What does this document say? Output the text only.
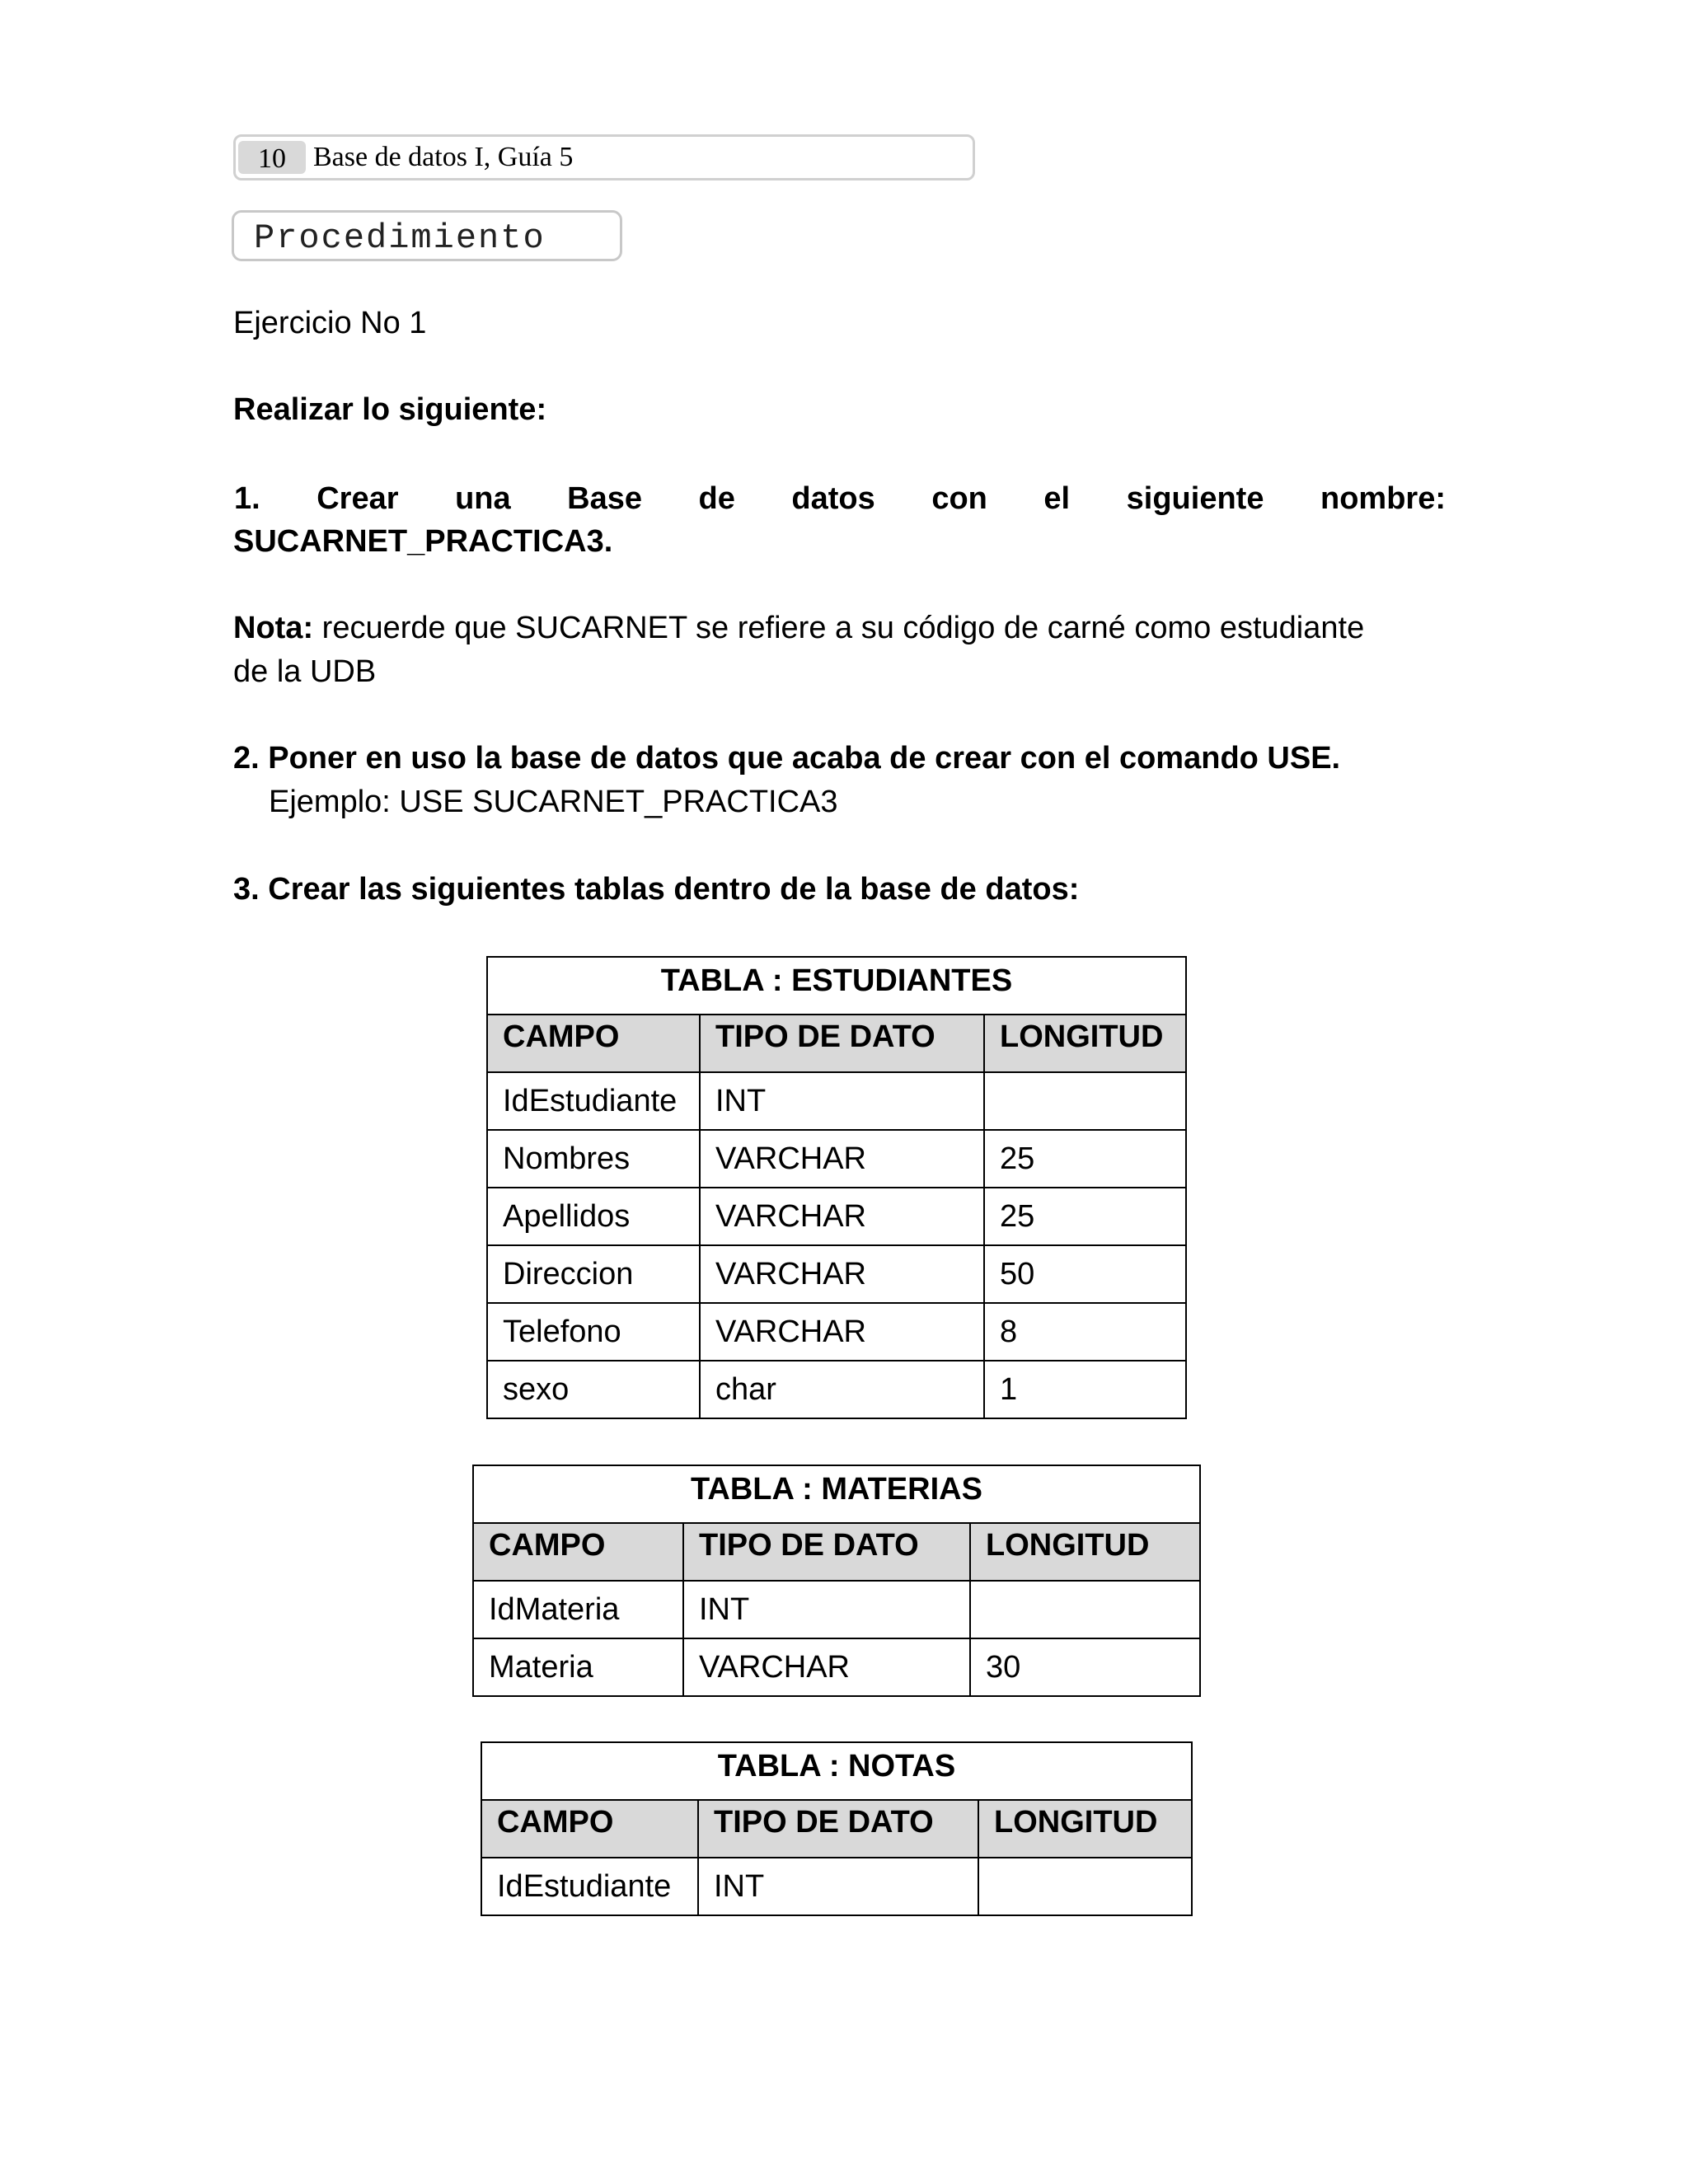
10 Base de datos I, Guía 5
Procedimiento
Ejercicio No 1
Realizar lo siguiente:
1. Crear una Base de datos con el siguiente nombre:
SUCARNET_PRACTICA3.
Nota: recuerde que SUCARNET se refiere a su código de carné como estudiante
de la UDB
2. Poner en uso la base de datos que acaba de crear con el comando USE.
Ejemplo: USE SUCARNET_PRACTICA3
3. Crear las siguientes tablas dentro de la base de datos:
TABLA : ESTUDIANTES		
CAMPO	TIPO DE DATO	LONGITUD
IdEstudiante	INT	
Nombres	VARCHAR	25
Apellidos	VARCHAR	25
Direccion	VARCHAR	50
Telefono	VARCHAR	8
sexo	char	1
TABLA : MATERIAS		
CAMPO	TIPO DE DATO	LONGITUD
IdMateria	INT	
Materia	VARCHAR	30
TABLA : NOTAS		
CAMPO	TIPO DE DATO	LONGITUD
IdEstudiante	INT	
